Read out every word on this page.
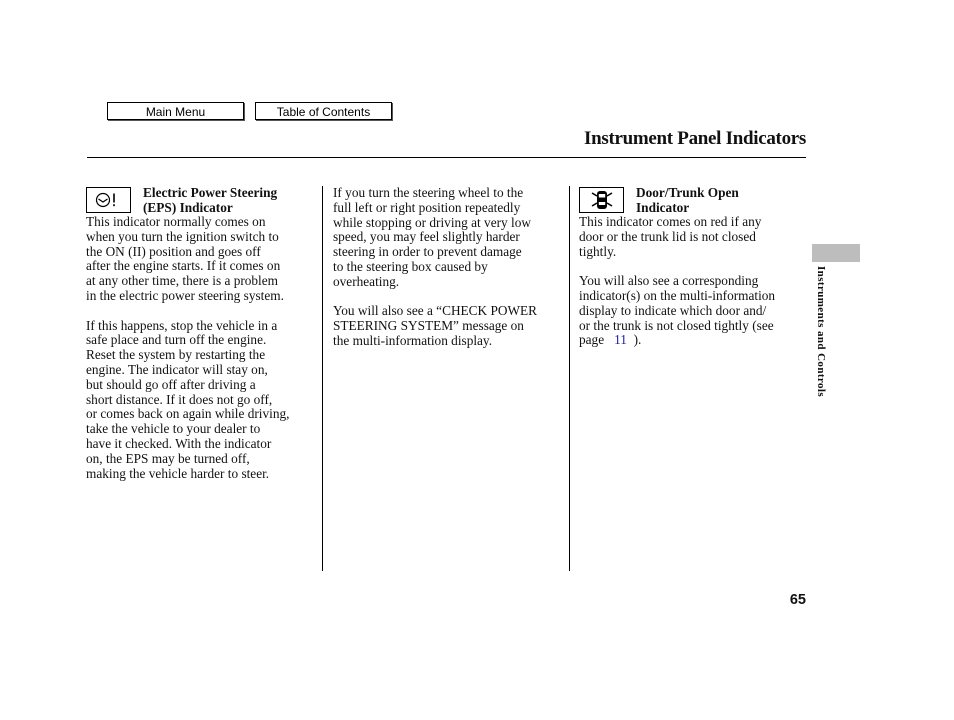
Main Menu	Table of Contents
Instrument Panel Indicators
Electric Power Steering
(EPS) Indicator

This indicator normally comes on

when you turn the ignition switch to

the ON (II) position and goes off

after the engine starts. If it comes on

at any other time, there is a problem

in the electric power steering system.

If this happens, stop the vehicle in a

safe place and turn off the engine.

Reset the system by restarting the

engine. The indicator will stay on,

but should go off after driving a

short distance. If it does not go off,

or comes back on again while driving,

take the vehicle to your dealer to

have it checked. With the indicator

on, the EPS may be turned off,

making the vehicle harder to steer.

If you turn the steering wheel to the

full left or right position repeatedly

while stopping or driving at very low

speed, you may feel slightly harder

steering in order to prevent damage

to the steering box caused by

overheating.

You will also see a “CHECK POWER

STEERING SYSTEM” message on

the multi-information display.

Door/Trunk Open
Indicator

This indicator comes on red if any

door or the trunk lid is not closed

tightly.

You will also see a corresponding

indicator(s) on the multi-information

display to indicate which door and/

or the trunk is not closed tightly (see

page 11 ).	Instruments and Controls
65
